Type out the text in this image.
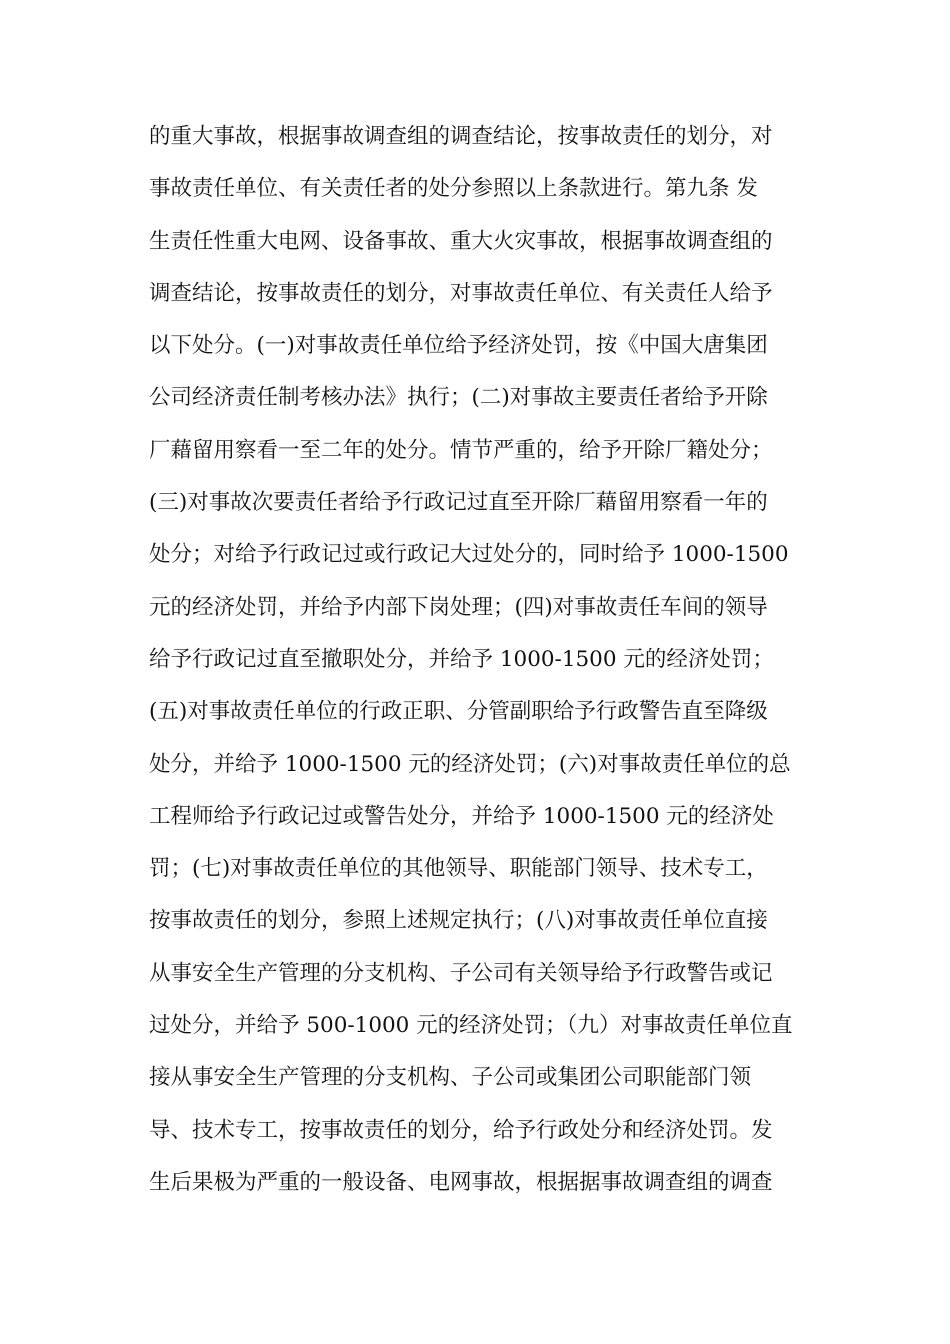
的重大事故，根据事故调查组的调查结论，按事故责任的划分，对
事故责任单位、有关责任者的处分参照以上条款进行。第九条 发
生责任性重大电网、设备事故、重大火灾事故，根据事故调查组的
调查结论，按事故责任的划分，对事故责任单位、有关责任人给予
以下处分。(一)对事故责任单位给予经济处罚，按《中国大唐集团
公司经济责任制考核办法》执行；(二)对事故主要责任者给予开除
厂藉留用察看一至二年的处分。情节严重的，给予开除厂籍处分；
(三)对事故次要责任者给予行政记过直至开除厂藉留用察看一年的
处分；对给予行政记过或行政记大过处分的，同时给予 1000-1500
元的经济处罚，并给予内部下岗处理；(四)对事故责任车间的领导
给予行政记过直至撤职处分，并给予 1000-1500 元的经济处罚；
(五)对事故责任单位的行政正职、分管副职给予行政警告直至降级
处分，并给予 1000-1500 元的经济处罚；(六)对事故责任单位的总
工程师给予行政记过或警告处分，并给予 1000-1500 元的经济处
罚；(七)对事故责任单位的其他领导、职能部门领导、技术专工，
按事故责任的划分，参照上述规定执行；(八)对事故责任单位直接
从事安全生产管理的分支机构、子公司有关领导给予行政警告或记
过处分，并给予 500-1000 元的经济处罚；（九）对事故责任单位直
接从事安全生产管理的分支机构、子公司或集团公司职能部门领
导、技术专工，按事故责任的划分，给予行政处分和经济处罚。发
生后果极为严重的一般设备、电网事故，根据据事故调查组的调查
